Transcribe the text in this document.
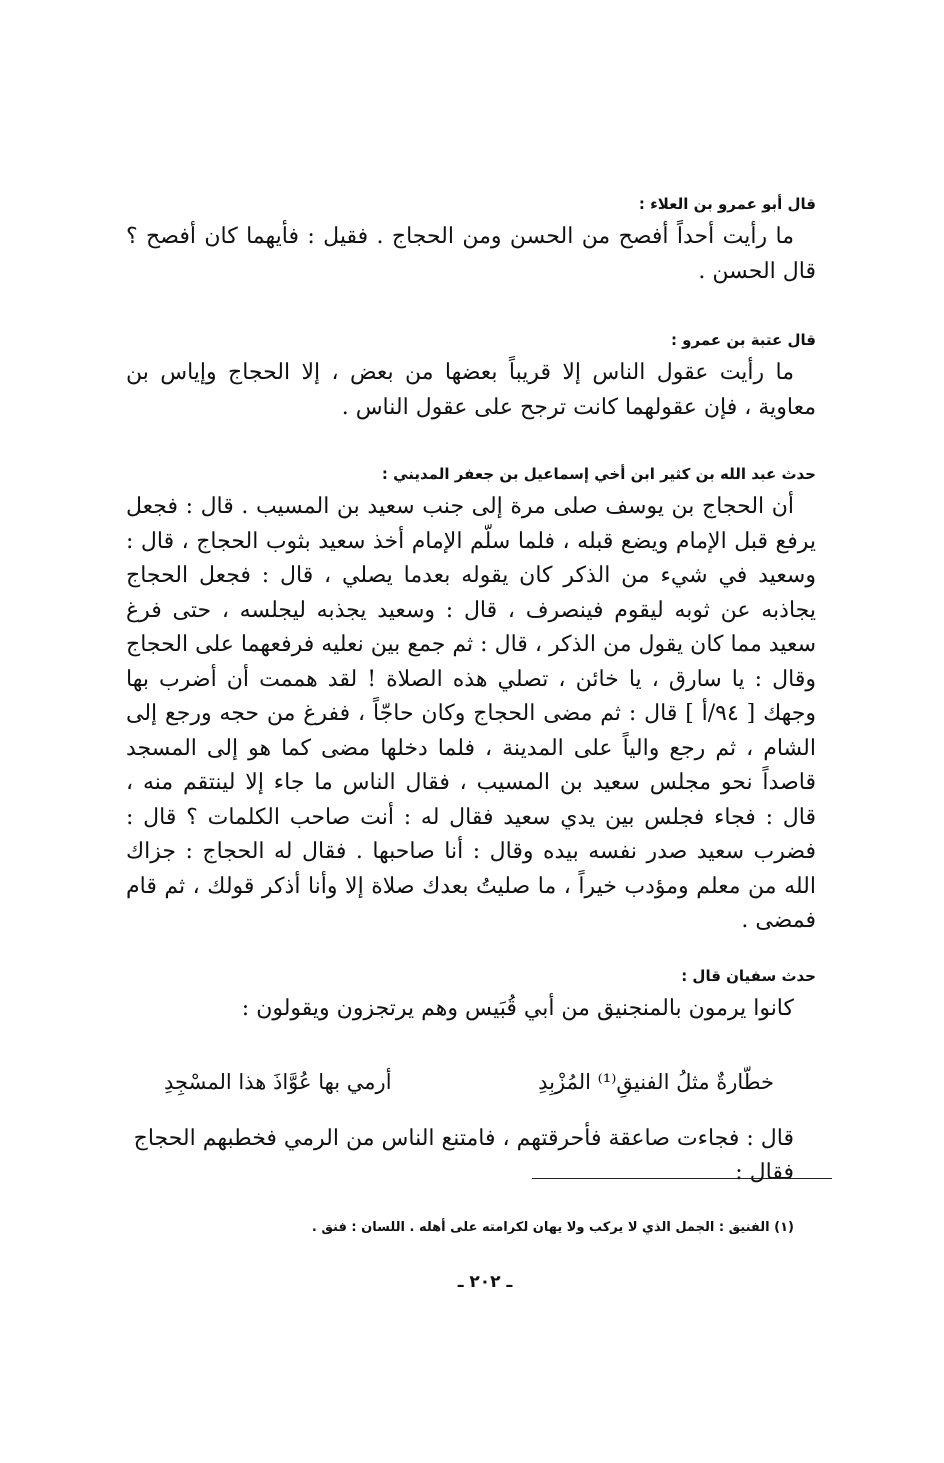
قال أبو عمرو بن العلاء :

ما رأيت أحداً أفصح من الحسن ومن الحجاج . فقيل : فأيهما كان أفصح ؟ قال الحسن .

قال عتبة بن عمرو :

ما رأيت عقول الناس إلا قريباً بعضها من بعض ، إلا الحجاج وإياس بن معاوية ، فإن عقولهما كانت ترجح على عقول الناس .

حدث عبد الله بن كثير ابن أخي إسماعيل بن جعفر المديني :

أن الحجاج بن يوسف صلى مرة إلى جنب سعيد بن المسيب . قال : فجعل يرفع قبل الإمام ويضع قبله ، فلما سلّم الإمام أخذ سعيد بثوب الحجاج ، قال : وسعيد في شيء من الذكر كان يقوله بعدما يصلي ، قال : فجعل الحجاج يجاذبه عن ثوبه ليقوم فينصرف ، قال : وسعيد يجذبه ليجلسه ، حتى فرغ سعيد مما كان يقول من الذكر ، قال : ثم جمع بين نعليه فرفعهما على الحجاج وقال : يا سارق ، يا خائن ، تصلي هذه الصلاة ! لقد هممت أن أضرب بها وجهك [ ٩٤/أ ] قال : ثم مضى الحجاج وكان حاجّاً ، ففرغ من حجه ورجع إلى الشام ، ثم رجع والياً على المدينة ، فلما دخلها مضى كما هو إلى المسجد قاصداً نحو مجلس سعيد بن المسيب ، فقال الناس ما جاء إلا لينتقم منه ، قال : فجاء فجلس بين يدي سعيد فقال له : أنت صاحب الكلمات ؟ قال : فضرب سعيد صدر نفسه بيده وقال : أنا صاحبها . فقال له الحجاج : جزاك الله من معلم ومؤدب خيراً ، ما صليتُ بعدك صلاة إلا وأنا أذكر قولك ، ثم قام فمضى .

حدث سفيان قال :

كانوا يرمون بالمنجنيق من أبي قُبَيس وهم يرتجزون ويقولون :

خطّارةٌ مثلُ الفنيقِ⁽¹⁾ المُزْبِدِ
أرمي بها عُوَّاذَ هذا المسْجِدِ
قال : فجاءت صاعقة فأحرقتهم ، فامتنع الناس من الرمي فخطبهم الحجاج فقال :
(١) الفنيق : الجمل الذي لا يركب ولا يهان لكرامته على أهله . اللسان : فنق .
ـ ٢٠٢ ـ
